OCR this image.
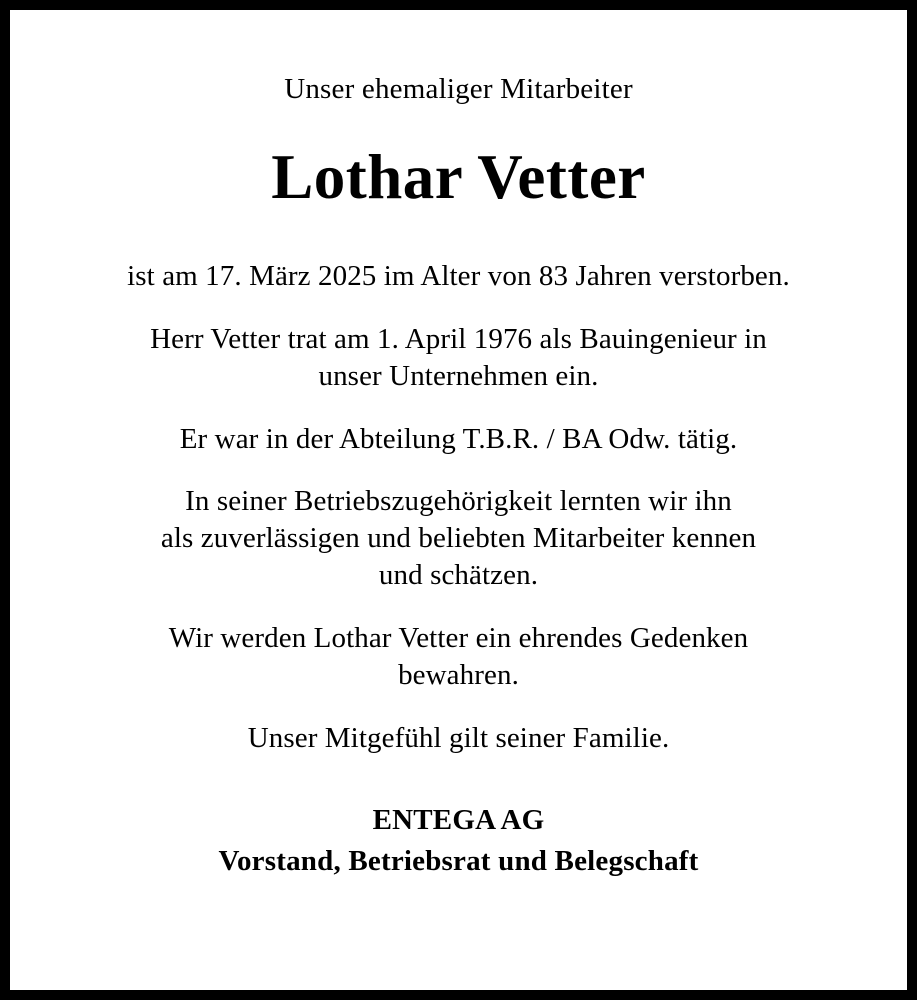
Unser ehemaliger Mitarbeiter
Lothar Vetter

ist am 17. März 2025 im Alter von 83 Jahren verstorben.

Herr Vetter trat am 1. April 1976 als Bauingenieur in
unser Unternehmen ein.

Er war in der Abteilung T.B.R. / BA Odw. tätig.

In seiner Betriebszugehörigkeit lernten wir ihn
als zuverlässigen und beliebten Mitarbeiter kennen
und schätzen.

Wir werden Lothar Vetter ein ehrendes Gedenken
bewahren.

Unser Mitgefühl gilt seiner Familie.

ENTEGA AG
Vorstand, Betriebsrat und Belegschaft
